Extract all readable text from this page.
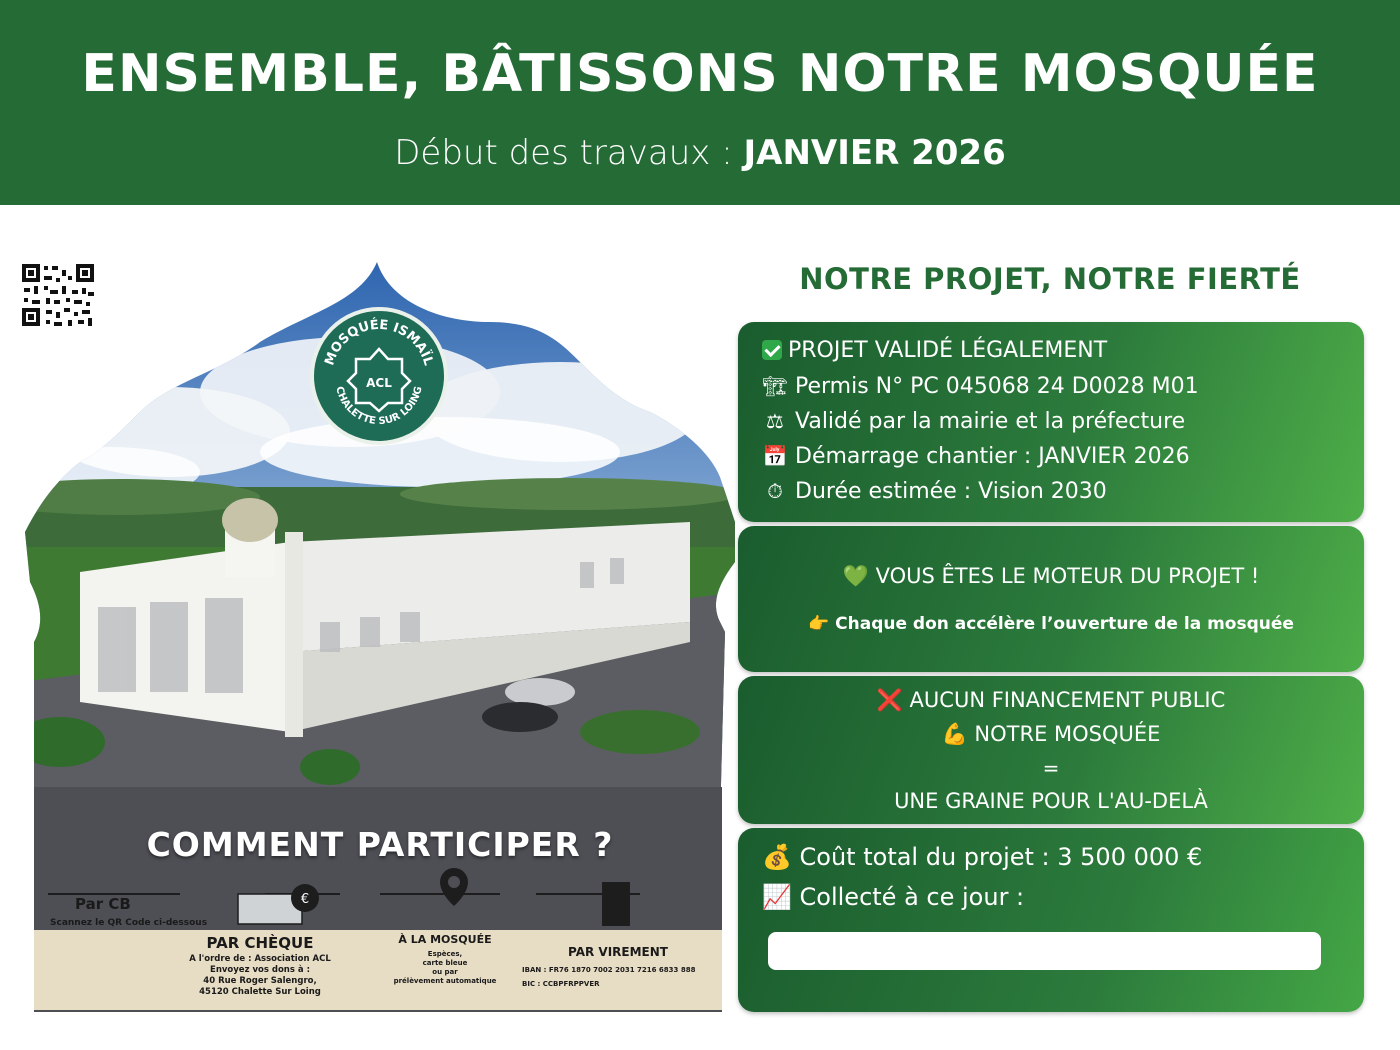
ENSEMBLE, BÂTISSONS NOTRE MOSQUÉE
Début des travaux : JANVIER 2026
€
MOSQUÉE ISMAÏL
CHALETTE SUR LOING
ACL
COMMENT PARTICIPER ?
Par CB
Scannez le QR Code ci-dessous
PAR CHÈQUE
A l'ordre de : Association ACL
Envoyez vos dons à :
40 Rue Roger Salengro,
45120 Chalette Sur Loing
À LA MOSQUÉE
Espèces,
carte bleue
ou par
prélèvement automatique
PAR VIREMENT
IBAN : FR76 1870 7002 2031 7216 6833 888
BIC : CCBPFRPPVER
NOTRE PROJET, NOTRE FIERTÉ
PROJET VALIDÉ LÉGALEMENT
🏗 Permis N° PC 045068 24 D0028 M01
⚖ Validé par la mairie et la préfecture
📅 Démarrage chantier : JANVIER 2026
⏱ Durée estimée : Vision 2030
💚 VOUS ÊTES LE MOTEUR DU PROJET !
👉 Chaque don accélère l’ouverture de la mosquée
❌ AUCUN FINANCEMENT PUBLIC
💪 NOTRE MOSQUÉE
=
UNE GRAINE POUR L'AU-DELÀ
💰 Coût total du projet : 3 500 000 €
📈 Collecté à ce jour :
